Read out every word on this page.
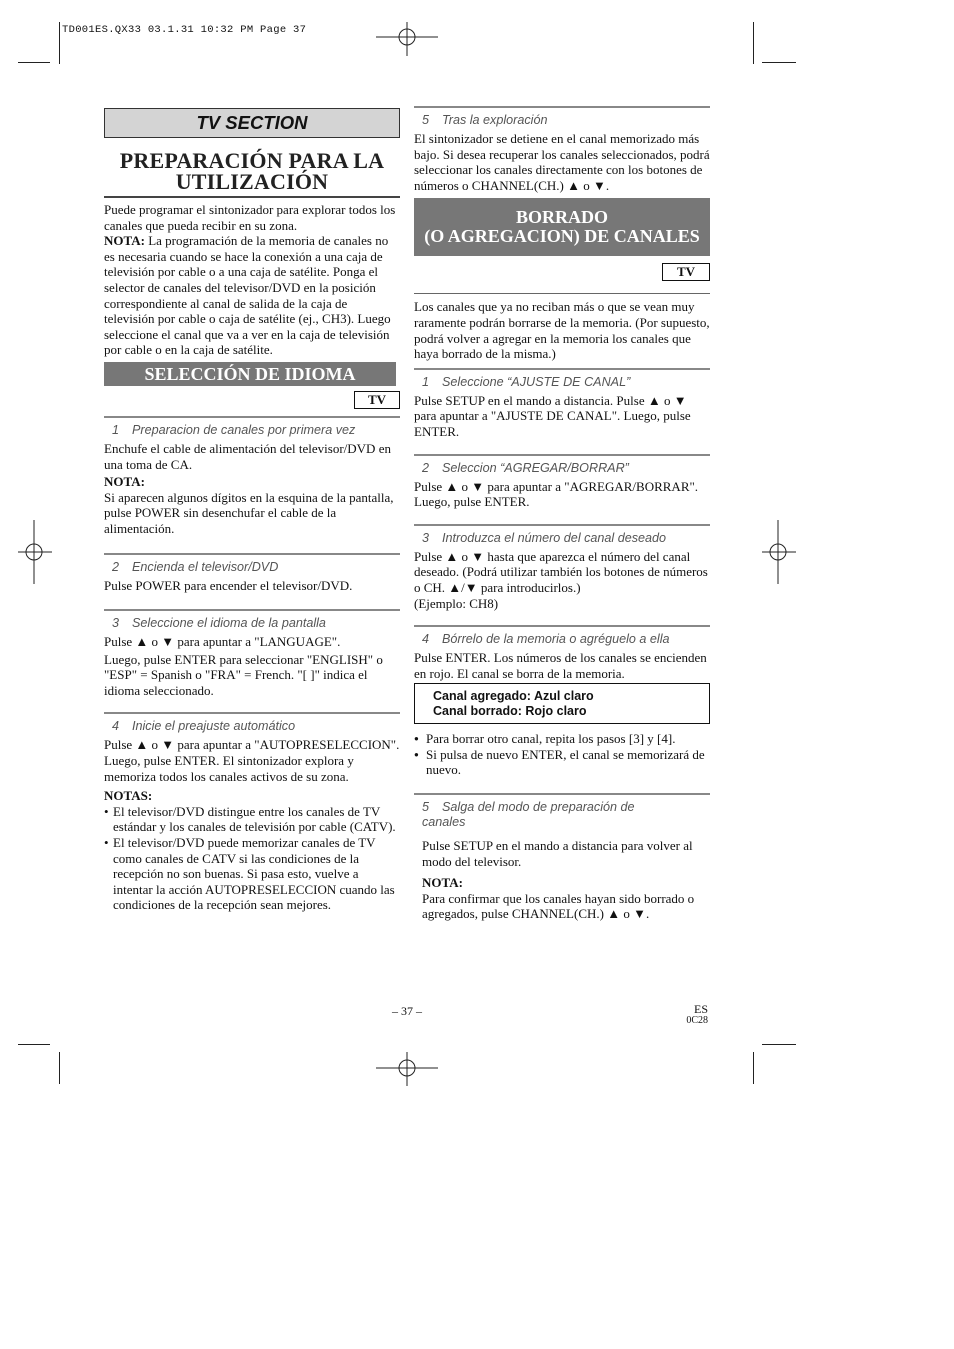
TD001ES.QX33 03.1.31 10:32 PM Page 37
TV SECTION
PREPARACIÓN PARA LA
UTILIZACIÓN

Puede programar el sintonizador para explorar todos los canales que pueda recibir en su zona.

NOTA: La programación de la memoria de canales no es necesaria cuando se hace la conexión a una caja de televisión por cable o a una caja de satélite. Ponga el selector de canales del televisor/DVD en la posición correspondiente al canal de salida de la caja de televisión por cable o caja de satélite (ej., CH3). Luego seleccione el canal que va a ver en la caja de televisión por cable o en la caja de satélite.

SELECCIÓN DE IDIOMA
TV
1 Preparacion de canales por primera vez

Enchufe el cable de alimentación del televisor/DVD en una toma de CA.

NOTA:

Si aparecen algunos dígitos en la esquina de la pantalla, pulse POWER sin desenchufar el cable de la alimentación.

2 Encienda el televisor/DVD

Pulse POWER para encender el televisor/DVD.

3 Seleccione el idioma de la pantalla

Pulse ▲ o ▼ para apuntar a "LANGUAGE".

Luego, pulse ENTER para seleccionar "ENGLISH" o "ESP" = Spanish o "FRA" = French. "[ ]" indica el idioma seleccionado.

4 Inicie el preajuste automático

Pulse ▲ o ▼ para apuntar a "AUTOPRESELECCION". Luego, pulse ENTER. El sintonizador explora y memoriza todos los canales activos de su zona.

NOTAS:

• El televisor/DVD distingue entre los canales de TV estándar y los canales de televisión por cable (CATV).
• El televisor/DVD puede memorizar canales de TV como canales de CATV si las condiciones de la recepción no son buenas. Si pasa esto, vuelve a intentar la acción AUTOPRESELECCION cuando las condiciones de la recepción sean mejores.
5 Tras la exploración

El sintonizador se detiene en el canal memorizado más bajo. Si desea recuperar los canales seleccionados, podrá seleccionar los canales directamente con los botones de números o CHANNEL(CH.) ▲ o ▼.

BORRADO
(O AGREGACION) DE CANALES
TV

Los canales que ya no reciban más o que se vean muy raramente podrán borrarse de la memoria. (Por supuesto, podrá volver a agregar en la memoria los canales que haya borrado de la misma.)

1 Seleccione “AJUSTE DE CANAL”

Pulse SETUP en el mando a distancia. Pulse ▲ o ▼ para apuntar a "AJUSTE DE CANAL". Luego, pulse ENTER.

2 Seleccion “AGREGAR/BORRAR”

Pulse ▲ o ▼ para apuntar a "AGREGAR/BORRAR". Luego, pulse ENTER.

3 Introduzca el número del canal deseado

Pulse ▲ o ▼ hasta que aparezca el número del canal deseado. (Podrá utilizar también los botones de números o CH. ▲/▼ para introducirlos.)

(Ejemplo: CH8)

4 Bórrelo de la memoria o agréguelo a ella

Pulse ENTER. Los números de los canales se encienden en rojo. El canal se borra de la memoria.

Canal agregado: Azul claro
Canal borrado: Rojo claro
● Para borrar otro canal, repita los pasos [3] y [4].
● Si pulsa de nuevo ENTER, el canal se memorizará de nuevo.
5 Salga del modo de preparación de canales

Pulse SETUP en el mando a distancia para volver al modo del televisor.

NOTA:

Para confirmar que los canales hayan sido borrado o agregados, pulse CHANNEL(CH.) ▲ o ▼.

– 37 –	ES
0C28
